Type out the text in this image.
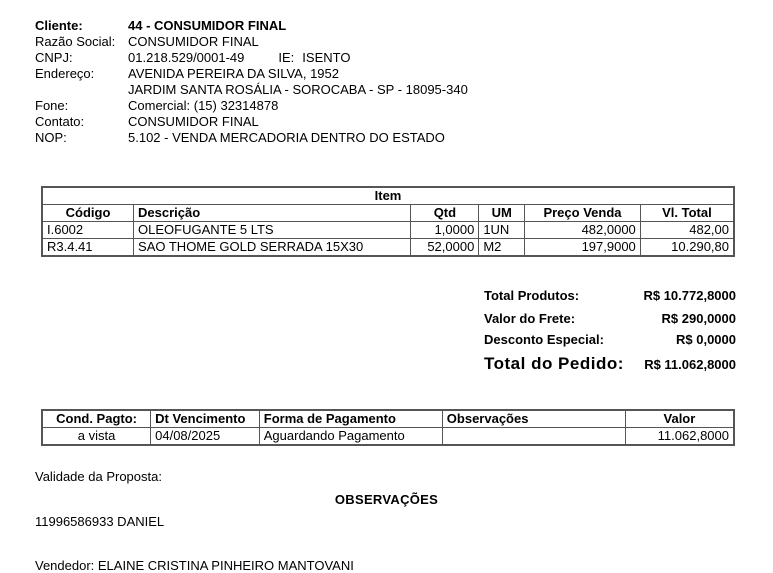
Cliente:	44 - CONSUMIDOR FINAL
Razão Social: CONSUMIDOR FINAL
CNPJ:	01.218.529/0001-49	IE: ISENTO
Endereço:	AVENIDA PEREIRA DA SILVA, 1952
JARDIM SANTA ROSÁLIA - SOROCABA - SP - 18095-340
Fone:	Comercial: (15) 32314878
Contato:	CONSUMIDOR FINAL
NOP:	5.102 - VENDA MERCADORIA DENTRO DO ESTADO
Item					
Código	Descrição	Qtd	UM	Preço Venda	Vl. Total
I.6002	OLEOFUGANTE 5 LTS	1,0000	1UN	482,0000	482,00
R3.4.41	SAO THOME GOLD SERRADA 15X30	52,0000	M2	197,9000	10.290,80
Total Produtos:	R$ 10.772,8000
Valor do Frete:	R$ 290,0000
Desconto Especial:	R$ 0,0000
Total do Pedido: R$ 11.062,8000
Cond. Pagto:	Dt Vencimento	Forma de Pagamento	Observações	Valor
a vista	04/08/2025	Aguardando Pagamento		11.062,8000
Validade da Proposta:
OBSERVAÇÕES
11996586933 DANIEL
Vendedor: ELAINE CRISTINA PINHEIRO MANTOVANI
